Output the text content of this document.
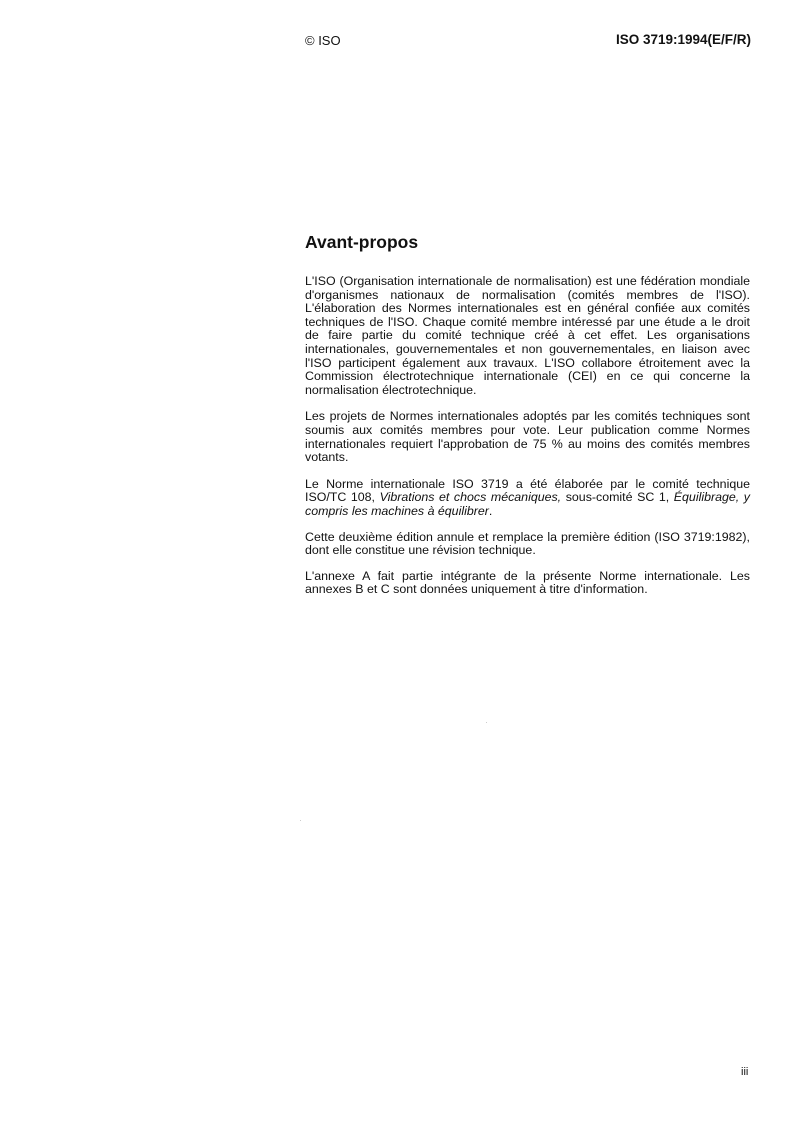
© ISO	ISO 3719:1994(E/F/R)
Avant-propos

L'ISO (Organisation internationale de normalisation) est une fédération mondiale d'organismes nationaux de normalisation (comités membres de l'ISO). L'élaboration des Normes internationales est en général confiée aux comités techniques de l'ISO. Chaque comité membre intéressé par une étude a le droit de faire partie du comité technique créé à cet effet. Les organisations internationales, gouvernementales et non gouvernementales, en liaison avec l'ISO participent également aux travaux. L'ISO collabore étroitement avec la Commission électrotechnique internationale (CEI) en ce qui concerne la normalisation électrotechnique.

Les projets de Normes internationales adoptés par les comités techniques sont soumis aux comités membres pour vote. Leur publication comme Normes internationales requiert l'approbation de 75 % au moins des comités membres votants.

Le Norme internationale ISO 3719 a été élaborée par le comité technique ISO/TC 108, Vibrations et chocs mécaniques, sous-comité SC 1, Équilibrage, y compris les machines à équilibrer.

Cette deuxième édition annule et remplace la première édition (ISO 3719:1982), dont elle constitue une révision technique.

L'annexe A fait partie intégrante de la présente Norme internationale. Les annexes B et C sont données uniquement à titre d'information.

iii
